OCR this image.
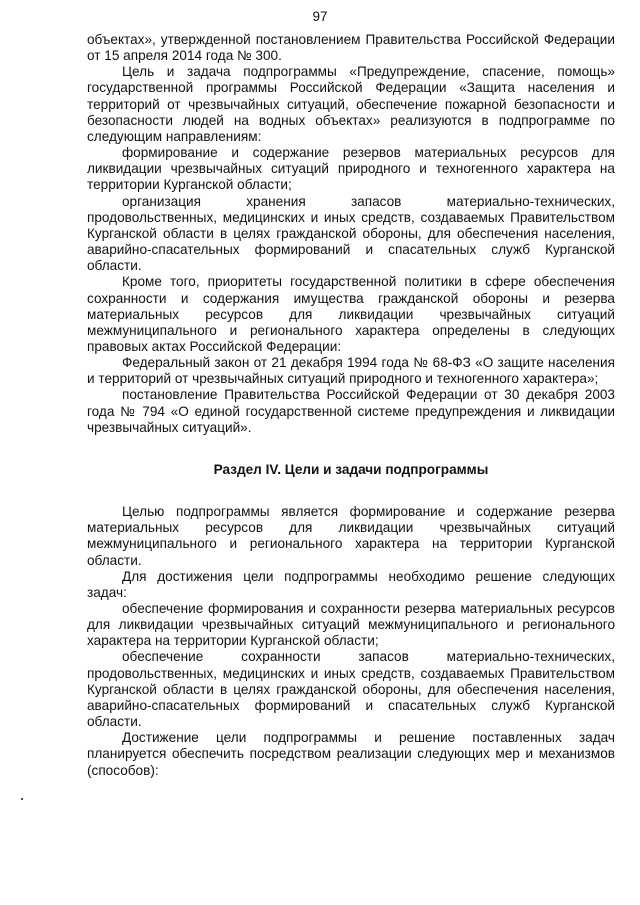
97

объектах», утвержденной постановлением Правительства Российской Федерации от 15 апреля 2014 года № 300.

Цель и задача подпрограммы «Предупреждение, спасение, помощь» государственной программы Российской Федерации «Защита населения и территорий от чрезвычайных ситуаций, обеспечение пожарной безопасности и безопасности людей на водных объектах» реализуются в подпрограмме по следующим направлениям:

формирование и содержание резервов материальных ресурсов для ликвидации чрезвычайных ситуаций природного и техногенного характера на территории Курганской области;

организация хранения запасов материально-технических, продовольственных, медицинских и иных средств, создаваемых Правительством Курганской области в целях гражданской обороны, для обеспечения населения, аварийно-спасательных формирований и спасательных служб Курганской области.

Кроме того, приоритеты государственной политики в сфере обеспечения сохранности и содержания имущества гражданской обороны и резерва материальных ресурсов для ликвидации чрезвычайных ситуаций межмуниципального и регионального характера определены в следующих правовых актах Российской Федерации:

Федеральный закон от 21 декабря 1994 года № 68-ФЗ «О защите населения и территорий от чрезвычайных ситуаций природного и техногенного характера»;

постановление Правительства Российской Федерации от 30 декабря 2003 года № 794 «О единой государственной системе предупреждения и ликвидации чрезвычайных ситуаций».

Раздел IV. Цели и задачи подпрограммы

Целью подпрограммы является формирование и содержание резерва материальных ресурсов для ликвидации чрезвычайных ситуаций межмуниципального и регионального характера на территории Курганской области.

Для достижения цели подпрограммы необходимо решение следующих задач:

обеспечение формирования и сохранности резерва материальных ресурсов для ликвидации чрезвычайных ситуаций межмуниципального и регионального характера на территории Курганской области;

обеспечение сохранности запасов материально-технических, продовольственных, медицинских и иных средств, создаваемых Правительством Курганской области в целях гражданской обороны, для обеспечения населения, аварийно-спасательных формирований и спасательных служб Курганской области.

Достижение цели подпрограммы и решение поставленных задач планируется обеспечить посредством реализации следующих мер и механизмов (способов):
